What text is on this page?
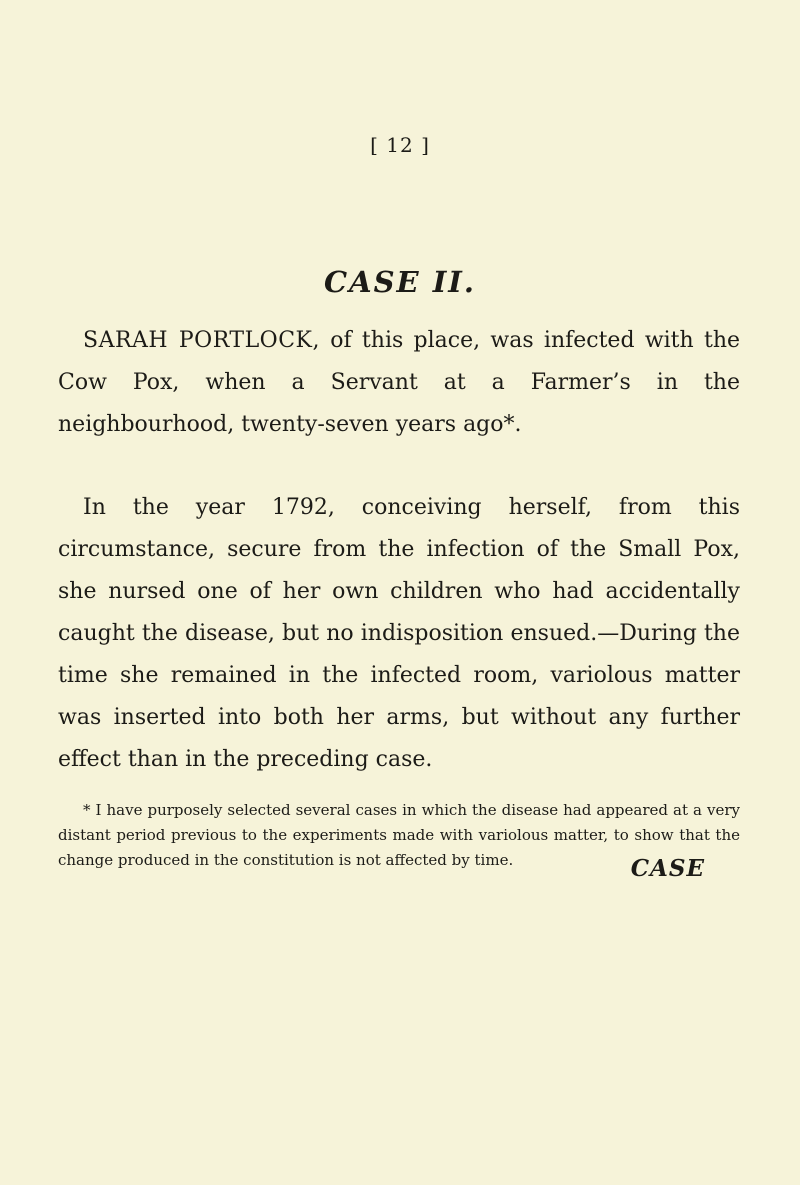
[ 12 ]
CASE II.

SARAH PORTLOCK, of this place, was infected with the Cow Pox, when a Servant at a Farmer’s in the neighbourhood, twenty-seven years ago*.

In the year 1792, conceiving herself, from this circumstance, secure from the infection of the Small Pox, she nursed one of her own children who had accidentally caught the disease, but no indisposition ensued.—During the time she remained in the infected room, variolous matter was inserted into both her arms, but without any further effect than in the preceding case.

* I have purposely selected several cases in which the disease had appeared at a very distant period previous to the experiments made with variolous matter, to show that the change produced in the constitution is not affected by time.	CASE
